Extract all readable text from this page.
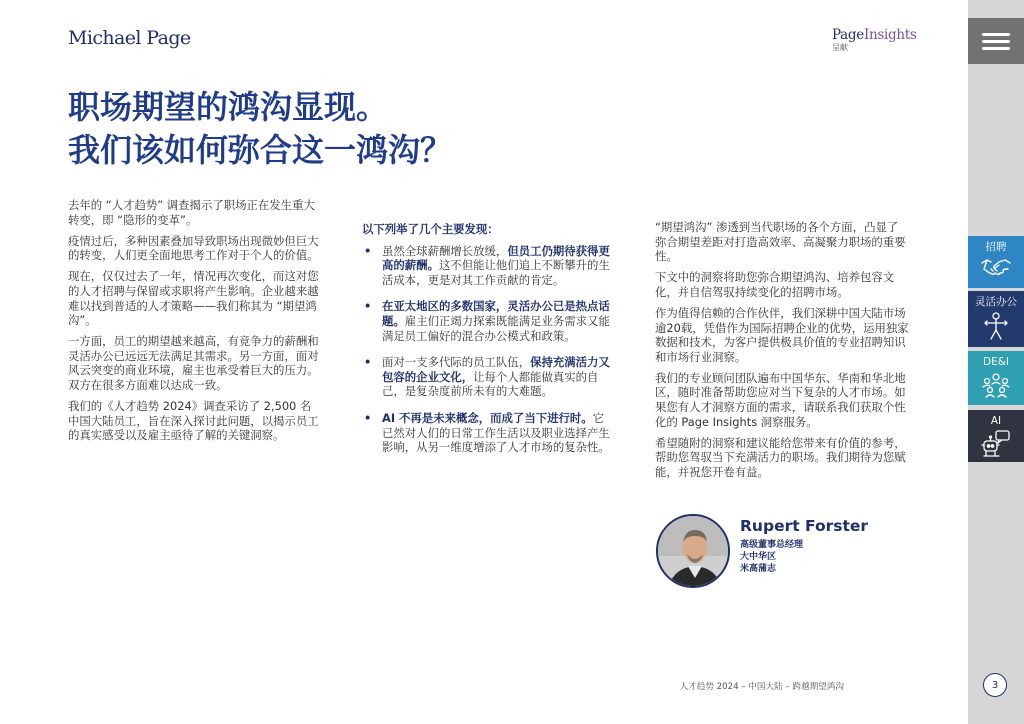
Michael Page	PageInsights
呈献
职场期望的鸿沟显现。
我们该如何弥合这一鸿沟？

去年的 “人才趋势” 调查揭示了职场正在发生重大转变，即 “隐形的变革”。

疫情过后，多种因素叠加导致职场出现微妙但巨大的转变，人们更全面地思考工作对于个人的价值。

现在，仅仅过去了一年，情况再次变化，而这对您的人才招聘与保留或求职将产生影响。企业越来越难以找到普适的人才策略——我们称其为 “期望鸿沟”。

一方面，员工的期望越来越高，有竞争力的薪酬和灵活办公已远远无法满足其需求。另一方面，面对风云突变的商业环境，雇主也承受着巨大的压力。双方在很多方面难以达成一致。

我们的《人才趋势 2024》调查采访了 2,500 名中国大陆员工，旨在深入探讨此问题，以揭示员工的真实感受以及雇主亟待了解的关键洞察。

以下列举了几个主要发现：
• 虽然全球薪酬增长放缓，但员工仍期待获得更高的薪酬。这不但能让他们追上不断攀升的生活成本，更是对其工作贡献的肯定。
• 在亚太地区的多数国家，灵活办公已是热点话题。雇主们正竭力探索既能满足业务需求又能满足员工偏好的混合办公模式和政策。
• 面对一支多代际的员工队伍，保持充满活力又包容的企业文化，让每个人都能做真实的自己，是复杂度前所未有的大难题。
• AI 不再是未来概念，而成了当下进行时。它已然对人们的日常工作生活以及职业选择产生影响，从另一维度增添了人才市场的复杂性。

“期望鸿沟” 渗透到当代职场的各个方面，凸显了弥合期望差距对打造高效率、高凝聚力职场的重要性。

下文中的洞察将助您弥合期望鸿沟、培养包容文化，并自信驾驭持续变化的招聘市场。

作为值得信赖的合作伙伴，我们深耕中国大陆市场逾20载，凭借作为国际招聘企业的优势，运用独家数据和技术，为客户提供极具价值的专业招聘知识和市场行业洞察。

我们的专业顾问团队遍布中国华东、华南和华北地区，随时准备帮助您应对当下复杂的人才市场。如果您有人才洞察方面的需求，请联系我们获取个性化的 Page Insights 洞察服务。

希望随附的洞察和建议能给您带来有价值的参考，帮助您驾驭当下充满活力的职场。我们期待为您赋能，并祝您开卷有益。

Rupert Forster
高级董事总经理
大中华区
米高蒲志
人才趋势 2024 – 中国大陆 – 跨越期望鸿沟
招聘
灵活办公
DE&I
AI
3
